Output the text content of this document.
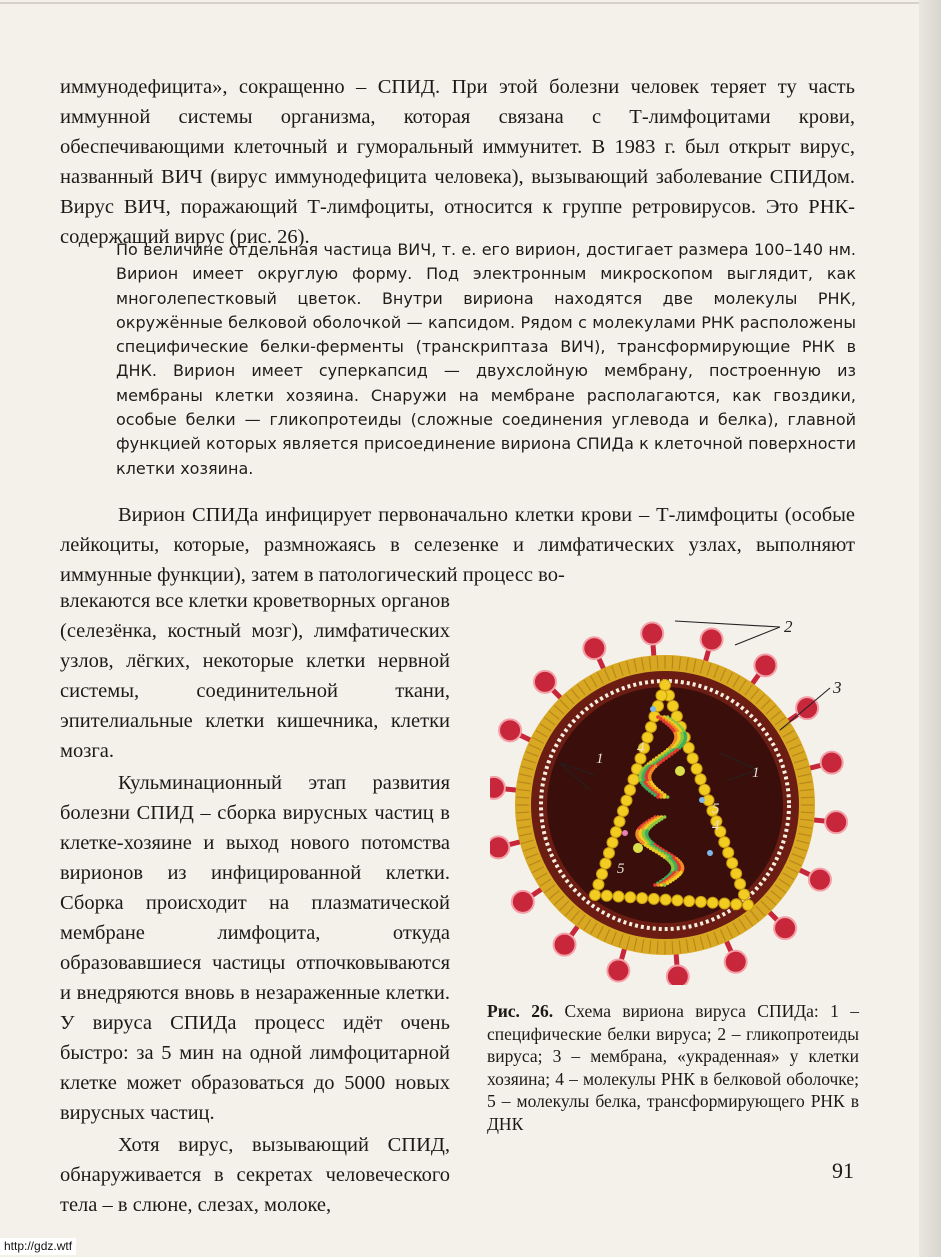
иммунодефицита», сокращенно – СПИД. При этой болезни человек теряет ту часть иммунной системы организма, которая связана с Т-лимфоцитами крови, обеспечивающими клеточный и гуморальный иммунитет. В 1983 г. был открыт вирус, названный ВИЧ (вирус иммунодефицита человека), вызывающий заболевание СПИДом. Вирус ВИЧ, поражающий Т-лимфоциты, относится к группе ретровирусов. Это РНК-содержащий вирус (рис. 26).

По величине отдельная частица ВИЧ, т. е. его вирион, достигает размера 100–140 нм. Вирион имеет округлую форму. Под электронным микроскопом выглядит, как многолепестковый цветок. Внутри вириона находятся две молекулы РНК, окружённые белковой оболочкой — капсидом. Рядом с молекулами РНК расположены специфические белки-ферменты (транскриптаза ВИЧ), трансформирующие РНК в ДНК. Вирион имеет суперкапсид — двухслойную мембрану, построенную из мембраны клетки хозяина. Снаружи на мембране располагаются, как гвоздики, особые белки — гликопротеиды (сложные соединения углевода и белка), главной функцией которых является присоединение вириона СПИДа к клеточной поверхности клетки хозяина.

Вирион СПИДа инфицирует первоначально клетки крови – Т-лимфоциты (особые лейкоциты, которые, размножаясь в селезенке и лимфатических узлах, выполняют иммунные функции), затем в патологический процесс во-

влекаются все клетки кроветворных органов (селезёнка, костный мозг), лимфатических узлов, лёгких, некоторые клетки нервной системы, соединительной ткани, эпителиальные клетки кишечника, клетки мозга.

Кульминационный этап развития болезни СПИД – сборка вирусных частиц в клетке-хозяине и выход нового потомства вирионов из инфицированной клетки. Сборка происходит на плазматической мембране лимфоцита, откуда образовавшиеся частицы отпочковываются и внедряются вновь в незараженные клетки. У вируса СПИДа процесс идёт очень быстро: за 5 мин на одной лимфоцитарной клетке может образоваться до 5000 новых вирусных частиц.

Хотя вирус, вызывающий СПИД, обнаруживается в секретах человеческого тела – в слюне, слезах, молоке,

2
3
1
1
4
4
5
5

Рис. 26. Схема вириона вируса СПИДа: 1 – специфические белки вируса; 2 – гликопротеиды вируса; 3 – мембрана, «украденная» у клетки хозяина; 4 – молекулы РНК в белковой оболочке; 5 – молекулы белка, трансформирующего РНК в ДНК

91
http://gdz.wtf
